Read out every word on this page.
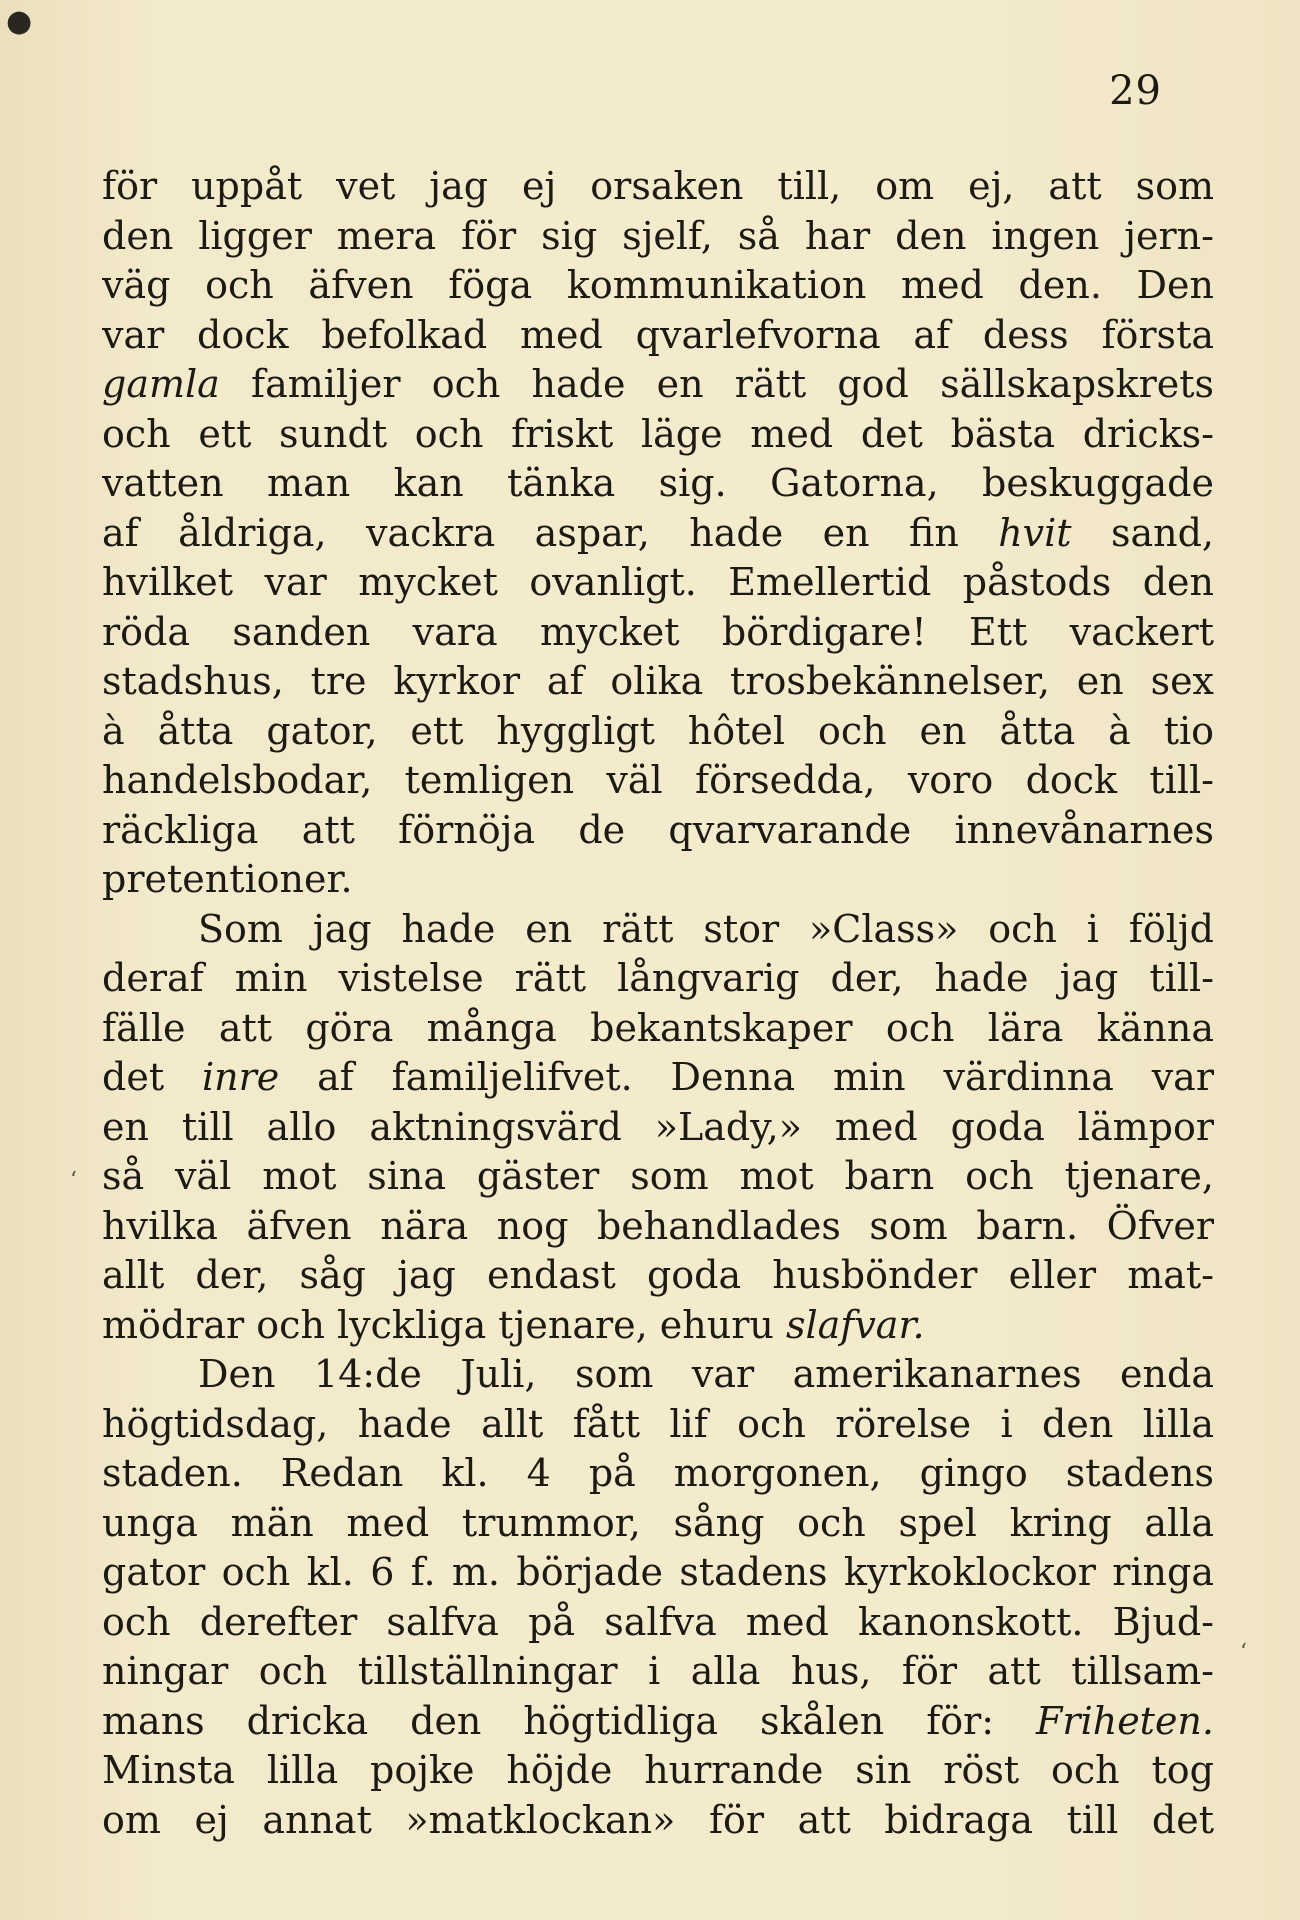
29
för uppåt vet jag ej orsaken till, om ej, att som
den ligger mera för sig sjelf, så har den ingen jern-
väg och äfven föga kommunikation med den. Den
var dock befolkad med qvarlefvorna af dess första
gamla familjer och hade en rätt god sällskapskrets
och ett sundt och friskt läge med det bästa dricks-
vatten man kan tänka sig. Gatorna, beskuggade
af åldriga, vackra aspar, hade en fin hvit sand,
hvilket var mycket ovanligt. Emellertid påstods den
röda sanden vara mycket bördigare! Ett vackert
stadshus, tre kyrkor af olika trosbekännelser, en sex
à åtta gator, ett hyggligt hôtel och en åtta à tio
handelsbodar, temligen väl försedda, voro dock till-
räckliga att förnöja de qvarvarande innevånarnes
pretentioner.
Som jag hade en rätt stor »Class» och i följd
deraf min vistelse rätt långvarig der, hade jag till-
fälle att göra många bekantskaper och lära känna
det inre af familjelifvet. Denna min värdinna var
en till allo aktningsvärd »Lady,» med goda lämpor
så väl mot sina gäster som mot barn och tjenare,
hvilka äfven nära nog behandlades som barn. Öfver
allt der, såg jag endast goda husbönder eller mat-
mödrar och lyckliga tjenare, ehuru slafvar.
Den 14:de Juli, som var amerikanarnes enda
högtidsdag, hade allt fått lif och rörelse i den lilla
staden. Redan kl. 4 på morgonen, gingo stadens
unga män med trummor, sång och spel kring alla
gator och kl. 6 f. m. började stadens kyrkoklockor ringa
och derefter salfva på salfva med kanonskott. Bjud-
ningar och tillställningar i alla hus, för att tillsam-
mans dricka den högtidliga skålen för: Friheten.
Minsta lilla pojke höjde hurrande sin röst och tog
om ej annat »matklockan» för att bidraga till det
●
‘
‘
